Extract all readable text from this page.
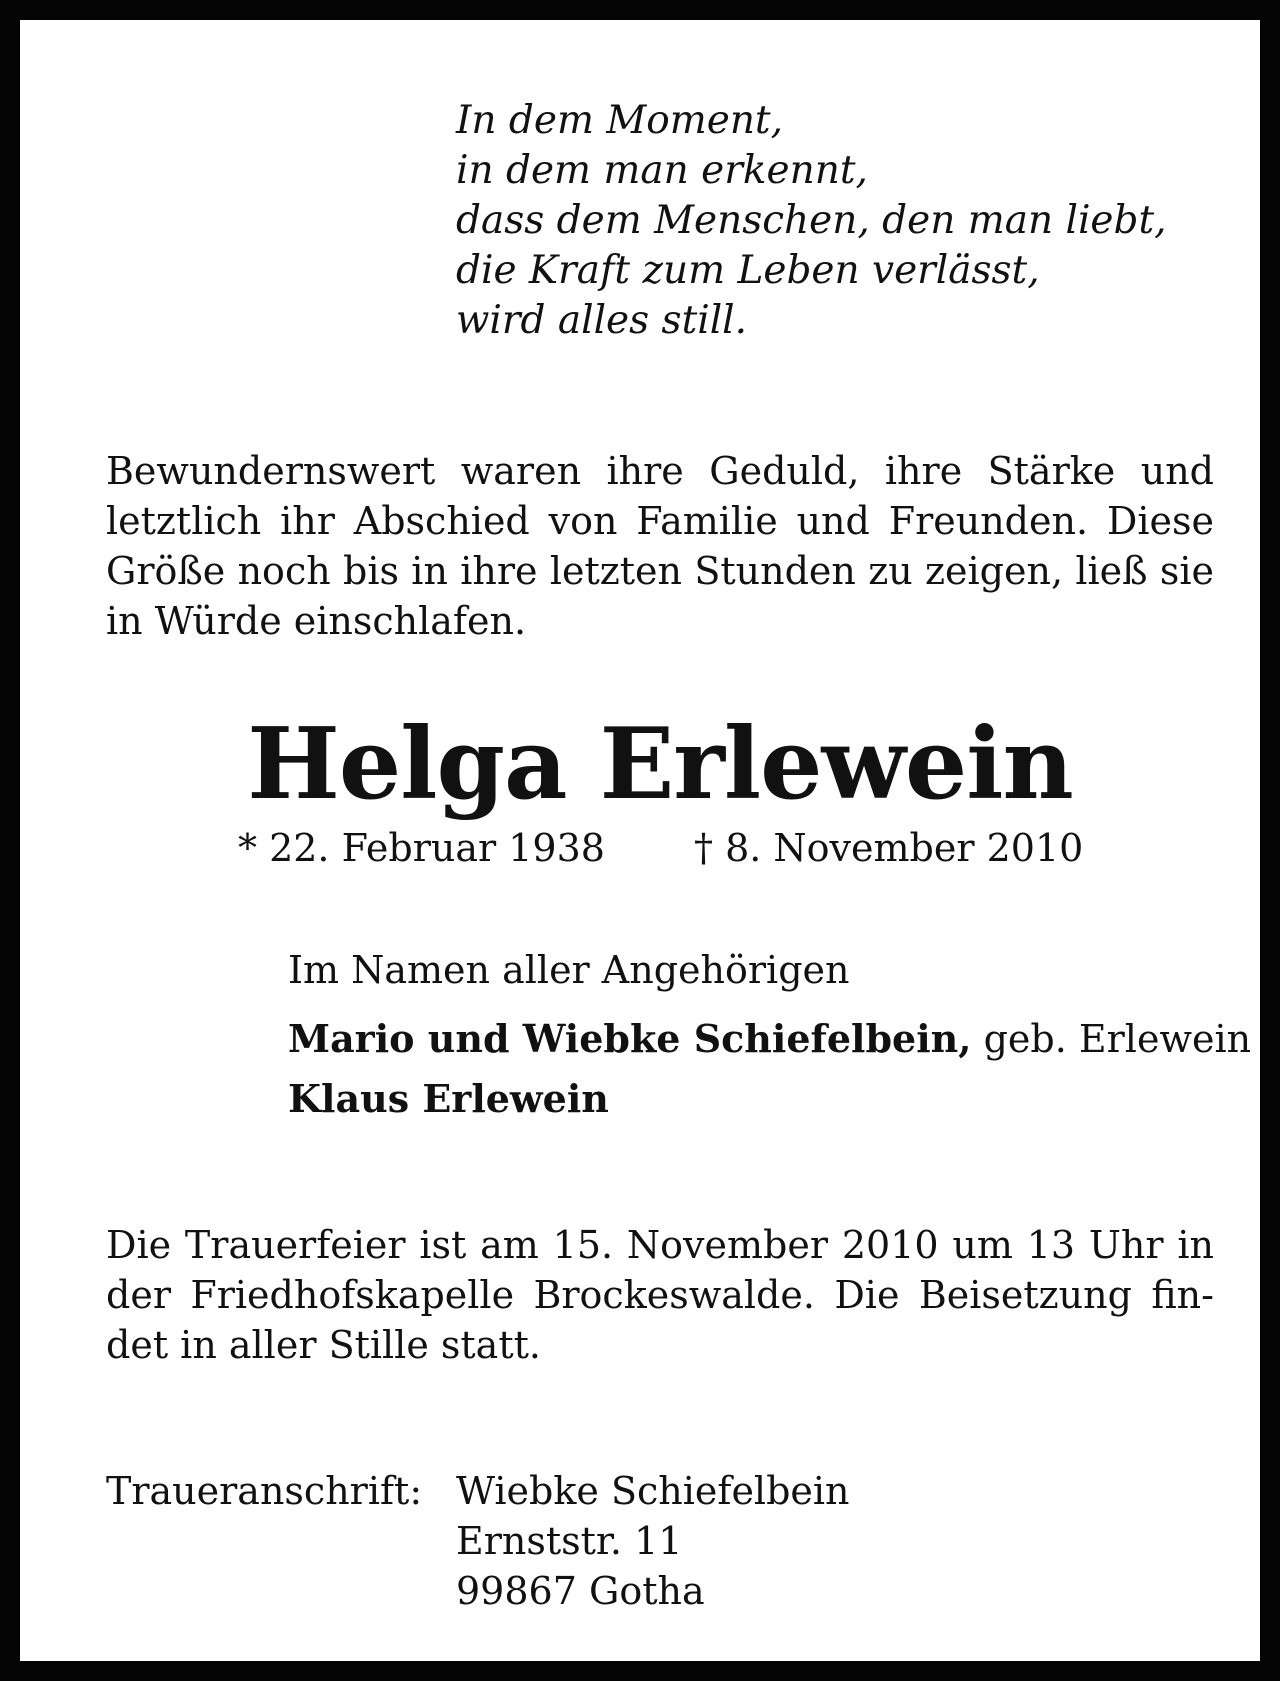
In dem Moment,
in dem man erkennt,
dass dem Menschen, den man liebt,
die Kraft zum Leben verlässt,
wird alles still.
Bewundernswert waren ihre Geduld, ihre Stärke und
letztlich ihr Abschied von Familie und Freunden. Diese
Größe noch bis in ihre letzten Stunden zu zeigen, ließ sie
in Würde einschlafen.
Helga Erlewein
* 22. Februar 1938 † 8. November 2010
Im Namen aller Angehörigen
Mario und Wiebke Schiefelbein, geb. Erlewein
Klaus Erlewein
Die Trauerfeier ist am 15. November 2010 um 13 Uhr in
der Friedhofskapelle Brockeswalde. Die Beisetzung fin-
det in aller Stille statt.
Traueranschrift: Wiebke Schiefelbein
Ernststr. 11
99867 Gotha
